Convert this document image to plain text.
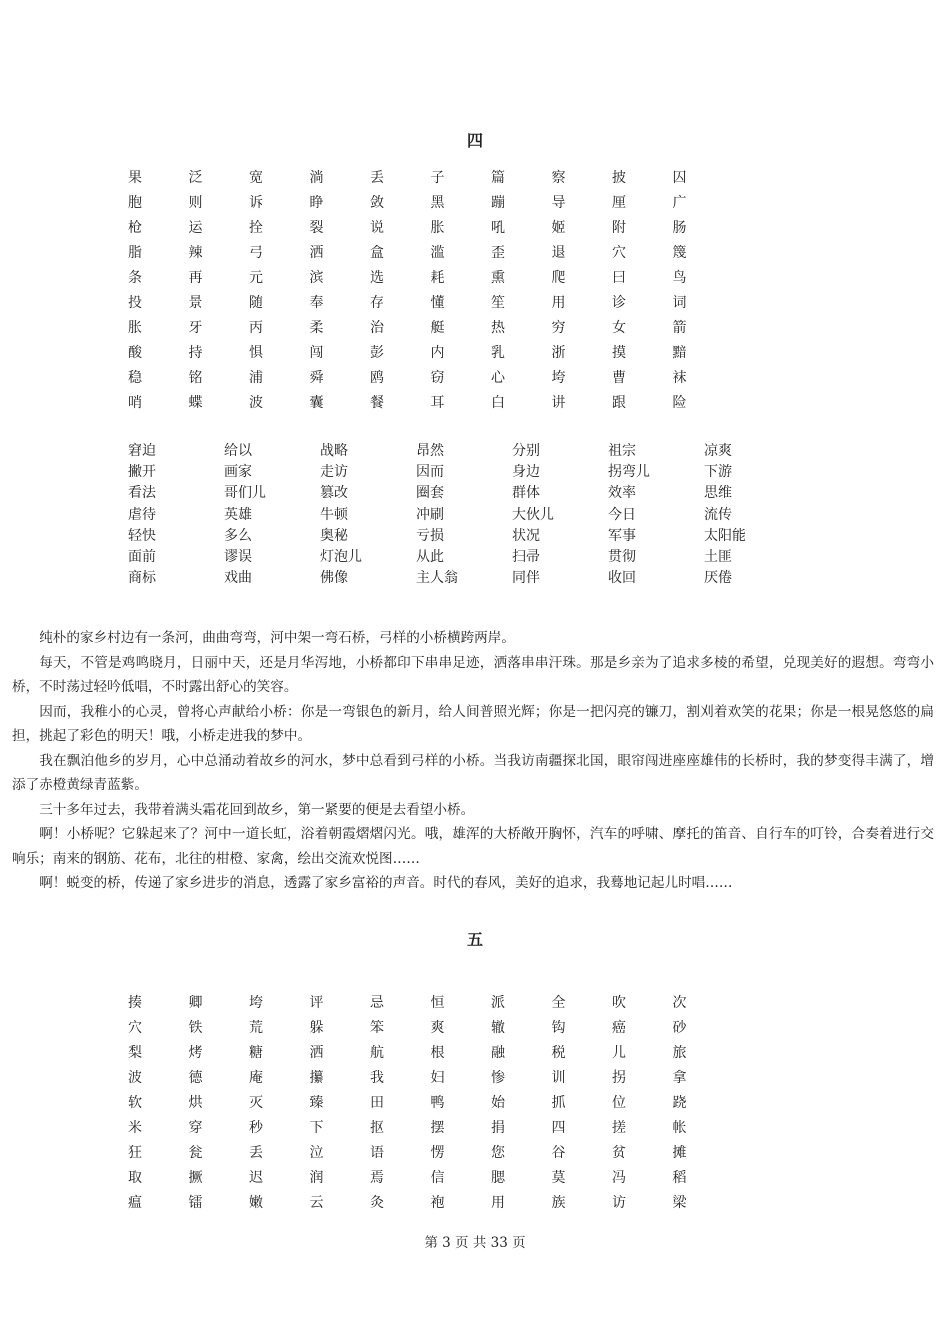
四
果	泛	宽	淌	丢	子	篇	察	披	囚
胞	则	诉	睁	敛	黑	蹦	导	厘	广
枪	运	拴	裂	说	胀	吼	姬	附	肠
脂	辣	弓	洒	盒	滥	歪	退	穴	篾
条	再	元	滨	选	耗	熏	爬	曰	鸟
投	景	随	奉	存	懂	笙	用	诊	词
胀	牙	丙	柔	治	艇	热	穷	女	箭
酸	持	惧	闯	彭	内	乳	浙	摸	黯
稳	铭	浦	舜	鸥	窃	心	垮	曹	袜
哨	蝶	波	囊	餐	耳	白	讲	跟	险
窘迫	给以	战略	昂然	分别	祖宗	凉爽
撇开	画家	走访	因而	身边	拐弯儿	下游
看法	哥们儿	篡改	圈套	群体	效率	思维
虐待	英雄	牛顿	冲刷	大伙儿	今日	流传
轻快	多么	奥秘	亏损	状况	军事	太阳能
面前	谬误	灯泡儿	从此	扫帚	贯彻	土匪
商标	戏曲	佛像	主人翁	同伴	收回	厌倦

纯朴的家乡村边有一条河，曲曲弯弯，河中架一弯石桥，弓样的小桥横跨两岸。

每天，不管是鸡鸣晓月，日丽中天，还是月华泻地，小桥都印下串串足迹，洒落串串汗珠。那是乡亲为了追求多棱的希望，兑现美好的遐想。弯弯小桥，不时荡过轻吟低唱，不时露出舒心的笑容。

因而，我稚小的心灵，曾将心声献给小桥：你是一弯银色的新月，给人间普照光辉；你是一把闪亮的镰刀，割刈着欢笑的花果；你是一根晃悠悠的扁担，挑起了彩色的明天！哦，小桥走进我的梦中。

我在飘泊他乡的岁月，心中总涌动着故乡的河水，梦中总看到弓样的小桥。当我访南疆探北国，眼帘闯进座座雄伟的长桥时，我的梦变得丰满了，增添了赤橙黄绿青蓝紫。

三十多年过去，我带着满头霜花回到故乡，第一紧要的便是去看望小桥。

啊！小桥呢？它躲起来了？河中一道长虹，浴着朝霞熠熠闪光。哦，雄浑的大桥敞开胸怀，汽车的呼啸、摩托的笛音、自行车的叮铃，合奏着进行交响乐；南来的钢筋、花布，北往的柑橙、家禽，绘出交流欢悦图……

啊！蜕变的桥，传递了家乡进步的消息，透露了家乡富裕的声音。时代的春风，美好的追求，我蓦地记起儿时唱……

五
揍	卿	垮	评	忌	恒	派	全	吹	次
穴	铁	荒	躲	笨	爽	辙	钩	癌	砂
梨	烤	糖	洒	航	根	融	税	儿	旅
波	德	庵	攥	我	妇	惨	训	拐	拿
软	烘	灭	臻	田	鸭	始	抓	位	跷
米	穿	秒	下	抠	摆	捐	四	搓	帐
狂	瓮	丢	泣	语	愣	您	谷	贫	摊
取	撅	迟	润	焉	信	腮	莫	冯	稻
瘟	镭	嫩	云	灸	袍	用	族	访	梁
第 3 页 共 33 页
